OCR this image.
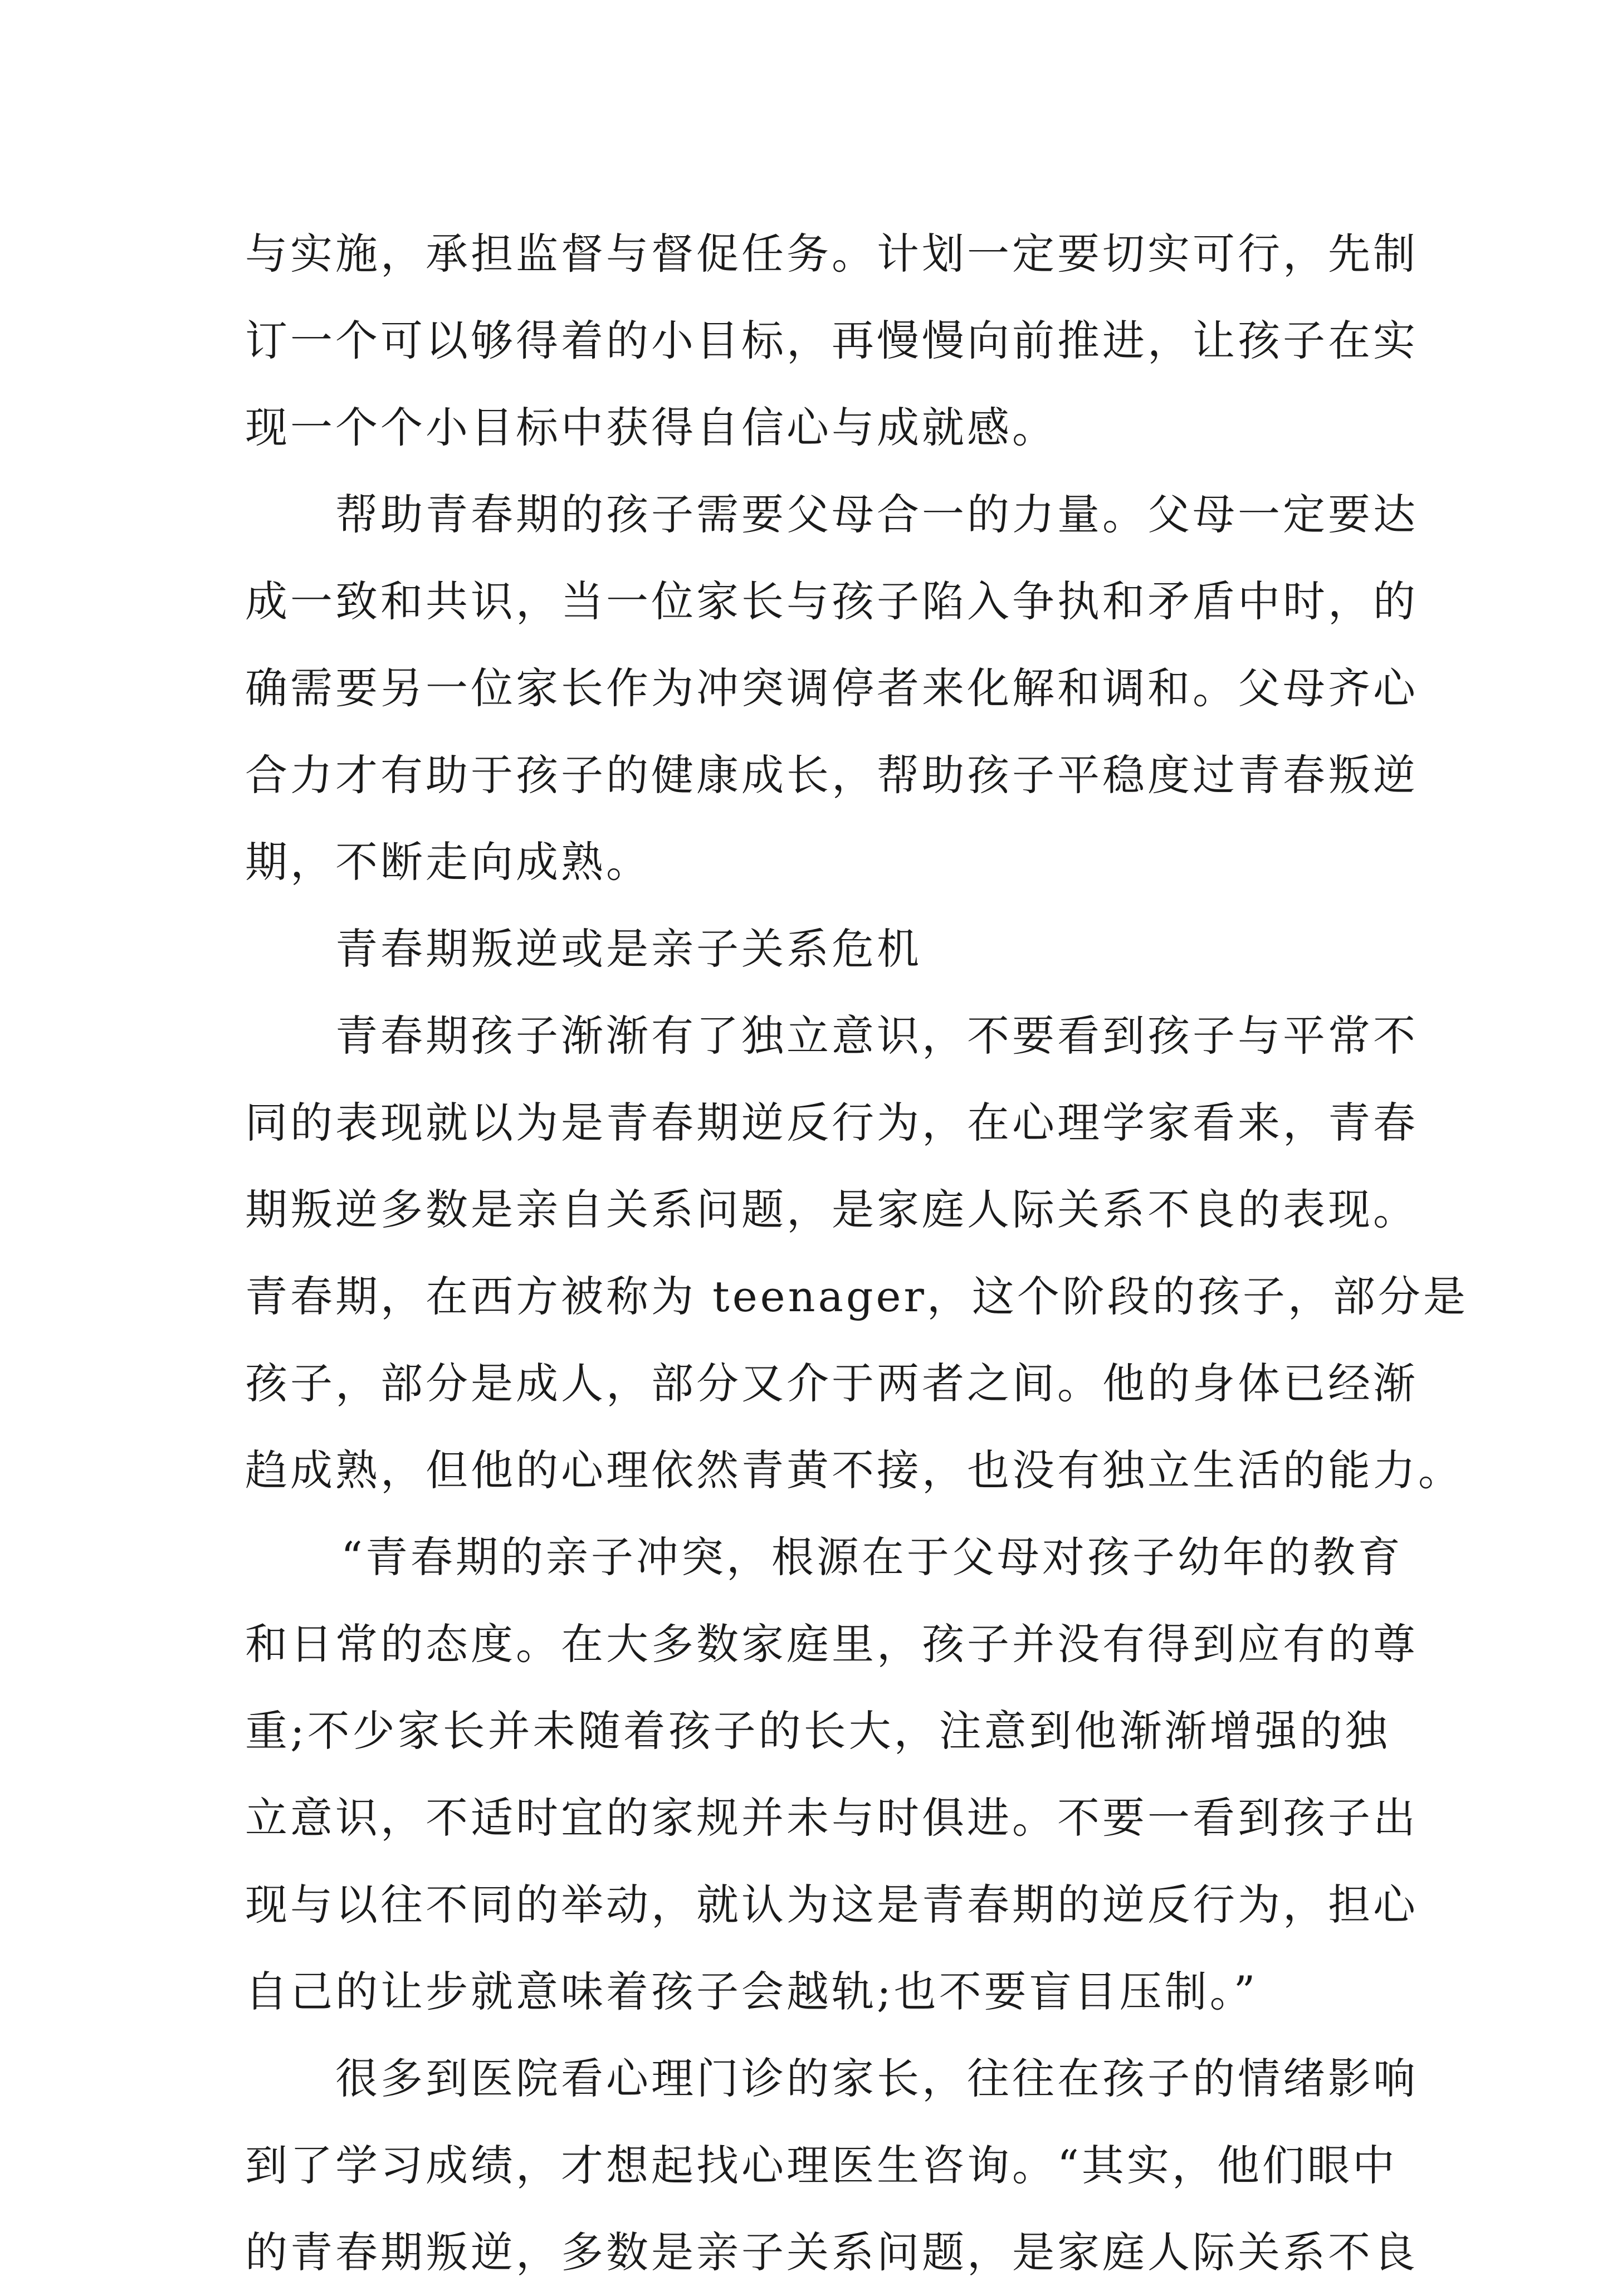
与实施，承担监督与督促任务。计划一定要切实可行，先制
订一个可以够得着的小目标，再慢慢向前推进，让孩子在实
现一个个小目标中获得自信心与成就感。
帮助青春期的孩子需要父母合一的力量。父母一定要达
成一致和共识，当一位家长与孩子陷入争执和矛盾中时，的
确需要另一位家长作为冲突调停者来化解和调和。父母齐心
合力才有助于孩子的健康成长，帮助孩子平稳度过青春叛逆
期，不断走向成熟。
青春期叛逆或是亲子关系危机
青春期孩子渐渐有了独立意识，不要看到孩子与平常不
同的表现就以为是青春期逆反行为，在心理学家看来，青春
期叛逆多数是亲自关系问题，是家庭人际关系不良的表现。
青春期，在西方被称为 teenager，这个阶段的孩子，部分是
孩子，部分是成人，部分又介于两者之间。他的身体已经渐
趋成熟，但他的心理依然青黄不接，也没有独立生活的能力。
“青春期的亲子冲突，根源在于父母对孩子幼年的教育
和日常的态度。在大多数家庭里，孩子并没有得到应有的尊
重;不少家长并未随着孩子的长大，注意到他渐渐增强的独
立意识，不适时宜的家规并未与时俱进。不要一看到孩子出
现与以往不同的举动，就认为这是青春期的逆反行为，担心
自己的让步就意味着孩子会越轨;也不要盲目压制。”
很多到医院看心理门诊的家长，往往在孩子的情绪影响
到了学习成绩，才想起找心理医生咨询。“其实，他们眼中
的青春期叛逆，多数是亲子关系问题，是家庭人际关系不良
